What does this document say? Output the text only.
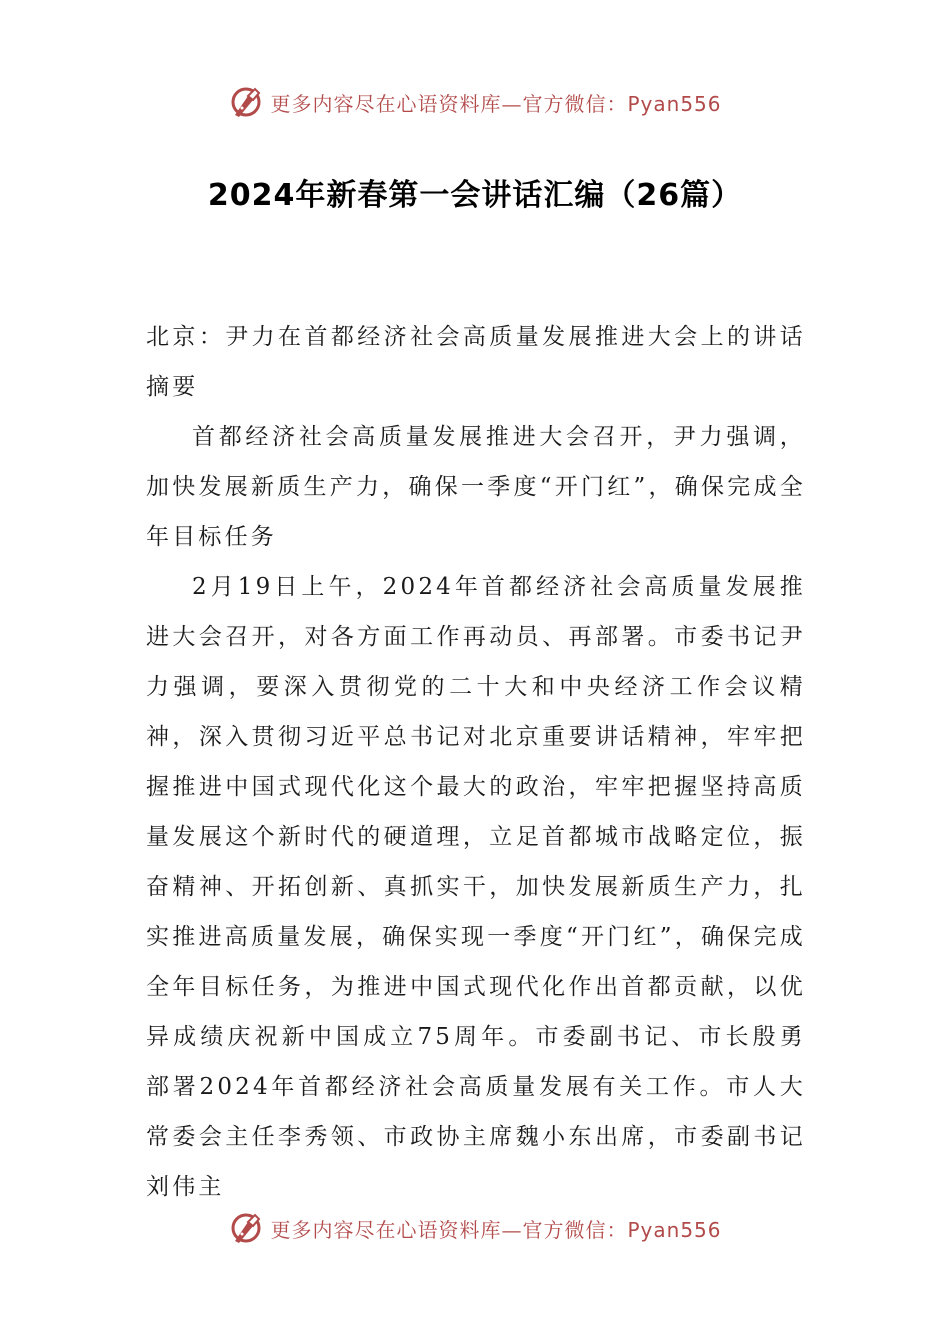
更多内容尽在心语资料库—官方微信：Pyan556
2024年新春第一会讲话汇编（26篇）

北京：尹力在首都经济社会高质量发展推进大会上的讲话摘要

首都经济社会高质量发展推进大会召开，尹力强调，加快发展新质生产力，确保一季度“开门红”，确保完成全年目标任务

2月19日上午，2024年首都经济社会高质量发展推进大会召开，对各方面工作再动员、再部署。市委书记尹力强调，要深入贯彻党的二十大和中央经济工作会议精神，深入贯彻习近平总书记对北京重要讲话精神，牢牢把握推进中国式现代化这个最大的政治，牢牢把握坚持高质量发展这个新时代的硬道理，立足首都城市战略定位，振奋精神、开拓创新、真抓实干，加快发展新质生产力，扎实推进高质量发展，确保实现一季度“开门红”，确保完成全年目标任务，为推进中国式现代化作出首都贡献，以优异成绩庆祝新中国成立75周年。市委副书记、市长殷勇部署2024年首都经济社会高质量发展有关工作。市人大常委会主任李秀领、市政协主席魏小东出席，市委副书记刘伟主

更多内容尽在心语资料库—官方微信：Pyan556
